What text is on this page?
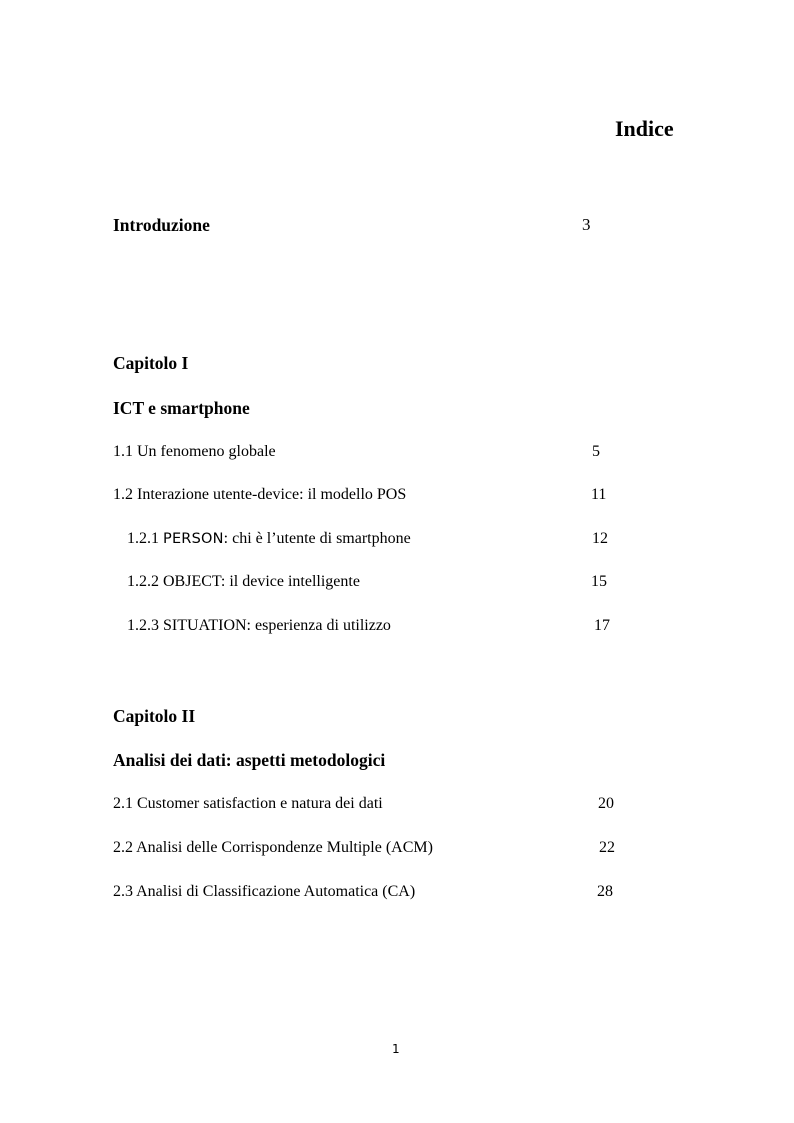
Indice
Introduzione	3
Capitolo I
ICT e smartphone
1.1 Un fenomeno globale	5
1.2 Interazione utente-device: il modello POS	11
1.2.1 PERSON: chi è l’utente di smartphone	12
1.2.2 OBJECT: il device intelligente	15
1.2.3 SITUATION: esperienza di utilizzo	17
Capitolo II
Analisi dei dati: aspetti metodologici
2.1 Customer satisfaction e natura dei dati	20
2.2 Analisi delle Corrispondenze Multiple (ACM)	22
2.3 Analisi di Classificazione Automatica (CA)	28
1
